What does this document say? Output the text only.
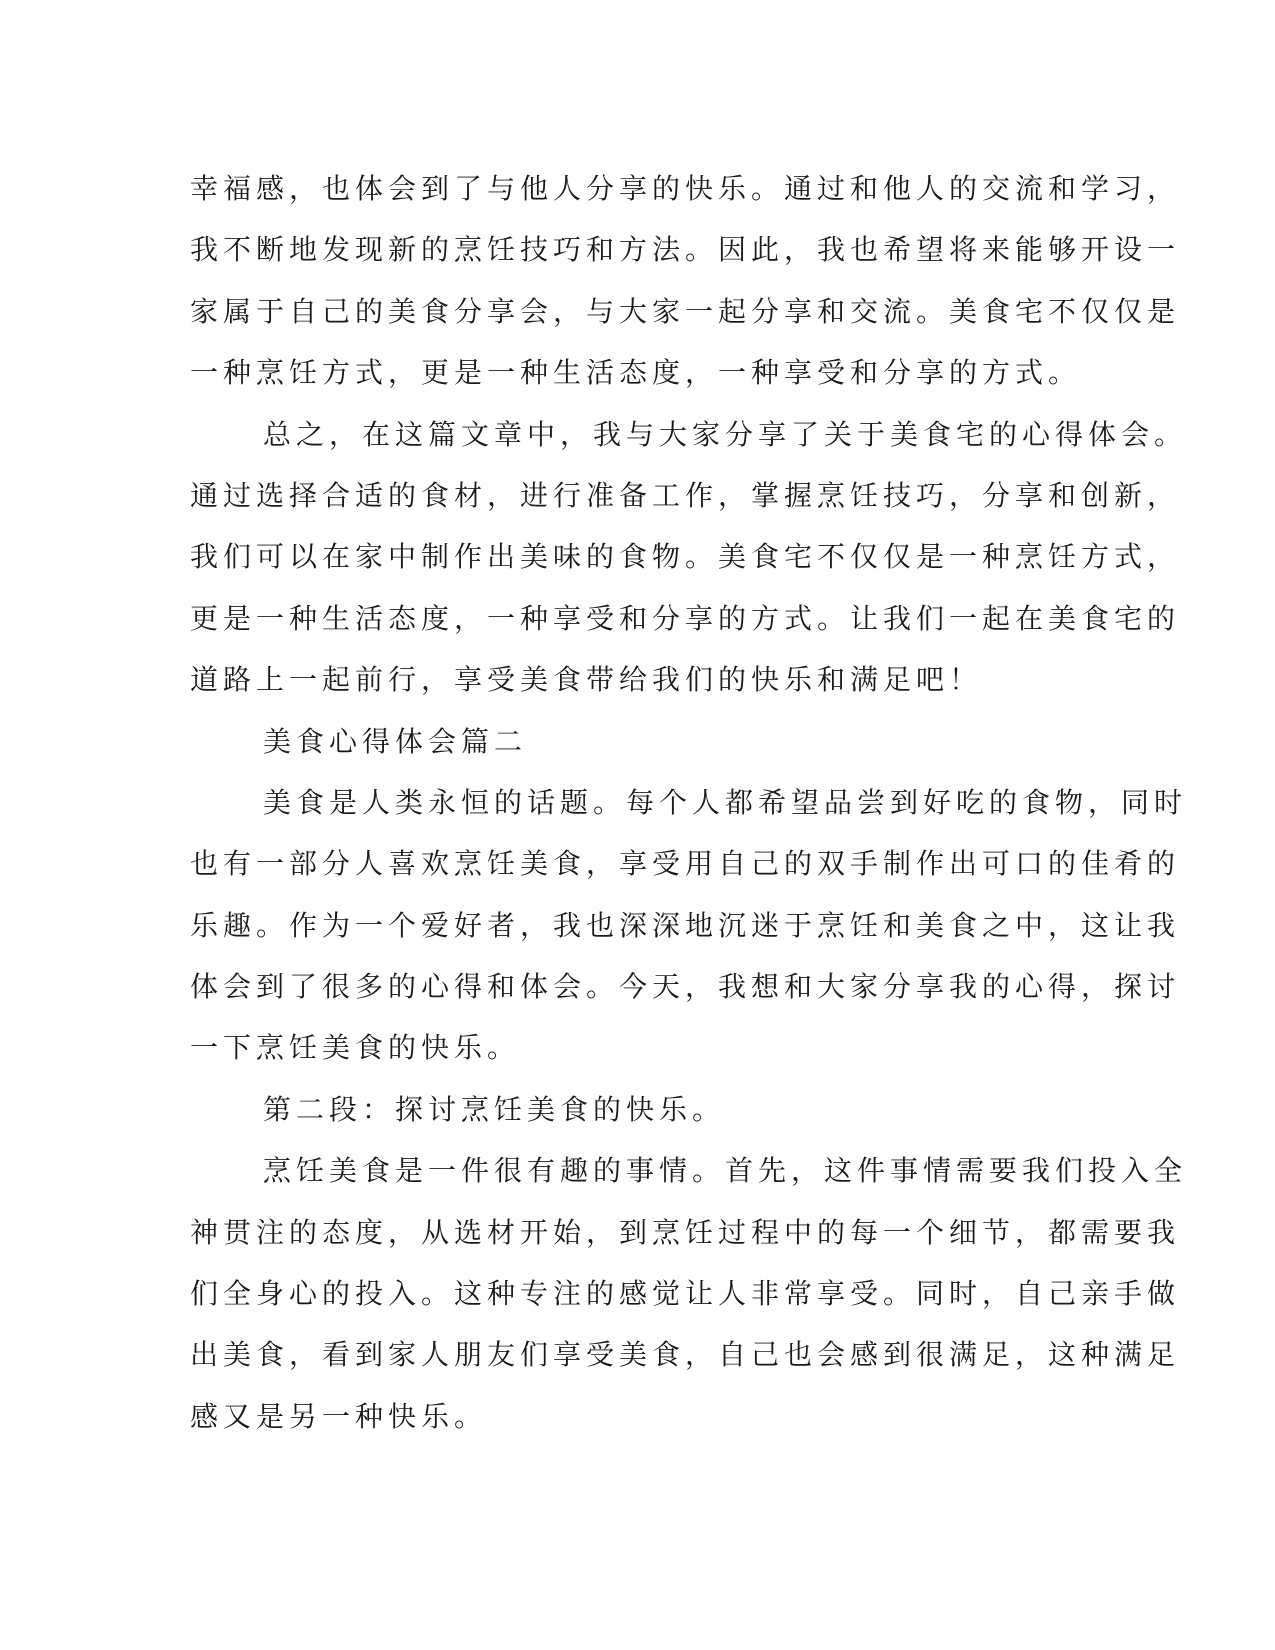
幸福感，也体会到了与他人分享的快乐。通过和他人的交流和学习，
我不断地发现新的烹饪技巧和方法。因此，我也希望将来能够开设一
家属于自己的美食分享会，与大家一起分享和交流。美食宅不仅仅是
一种烹饪方式，更是一种生活态度，一种享受和分享的方式。
总之，在这篇文章中，我与大家分享了关于美食宅的心得体会。
通过选择合适的食材，进行准备工作，掌握烹饪技巧，分享和创新，
我们可以在家中制作出美味的食物。美食宅不仅仅是一种烹饪方式，
更是一种生活态度，一种享受和分享的方式。让我们一起在美食宅的
道路上一起前行，享受美食带给我们的快乐和满足吧！
美食心得体会篇二
美食是人类永恒的话题。每个人都希望品尝到好吃的食物，同时
也有一部分人喜欢烹饪美食，享受用自己的双手制作出可口的佳肴的
乐趣。作为一个爱好者，我也深深地沉迷于烹饪和美食之中，这让我
体会到了很多的心得和体会。今天，我想和大家分享我的心得，探讨
一下烹饪美食的快乐。
第二段：探讨烹饪美食的快乐。
烹饪美食是一件很有趣的事情。首先，这件事情需要我们投入全
神贯注的态度，从选材开始，到烹饪过程中的每一个细节，都需要我
们全身心的投入。这种专注的感觉让人非常享受。同时，自己亲手做
出美食，看到家人朋友们享受美食，自己也会感到很满足，这种满足
感又是另一种快乐。
